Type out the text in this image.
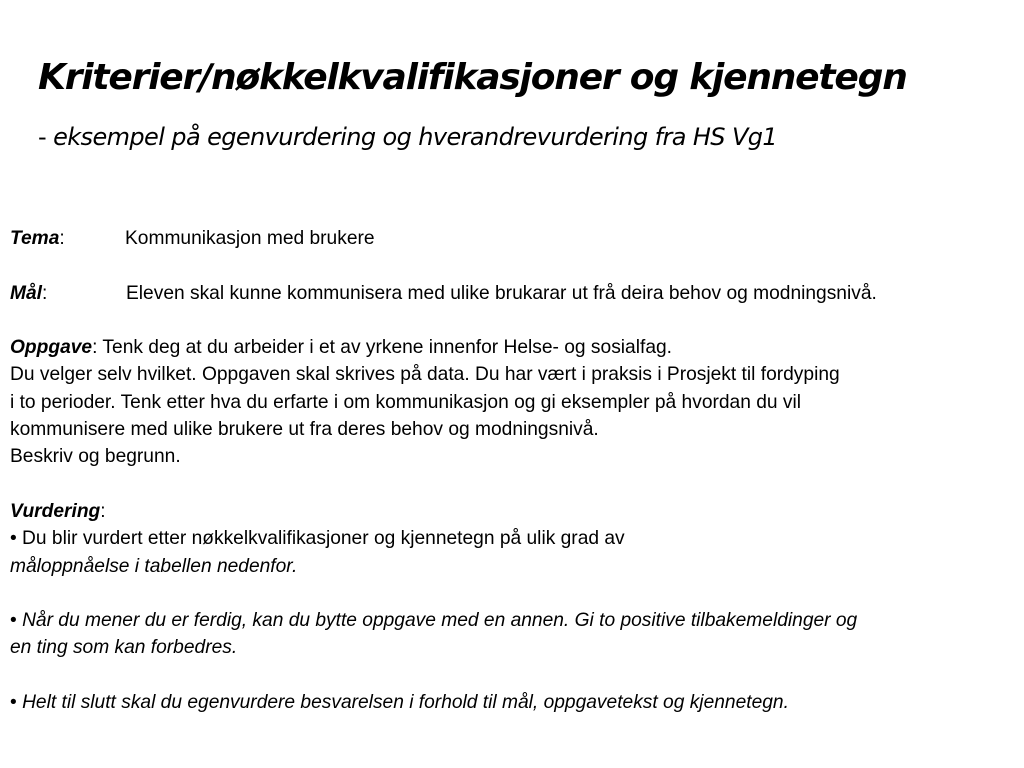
Kriterier/nøkkelkvalifikasjoner og kjennetegn
- eksempel på egenvurdering og hverandrevurdering fra HS Vg1
Tema:	Kommunikasjon med brukere
Mål:	Eleven skal kunne kommunisera med ulike brukarar ut frå deira behov og modningsnivå.
Oppgave: Tenk deg at du arbeider i et av yrkene innenfor Helse- og sosialfag.
Du velger selv hvilket. Oppgaven skal skrives på data. Du har vært i praksis i Prosjekt til fordyping
i to perioder. Tenk etter hva du erfarte i om kommunikasjon og gi eksempler på hvordan du vil
kommunisere med ulike brukere ut fra deres behov og modningsnivå.
Beskriv og begrunn.
Vurdering:
• Du blir vurdert etter nøkkelkvalifikasjoner og kjennetegn på ulik grad av
måloppnåelse i tabellen nedenfor.
• Når du mener du er ferdig, kan du bytte oppgave med en annen. Gi to positive tilbakemeldinger og
en ting som kan forbedres.
• Helt til slutt skal du egenvurdere besvarelsen i forhold til mål, oppgavetekst og kjennetegn.
